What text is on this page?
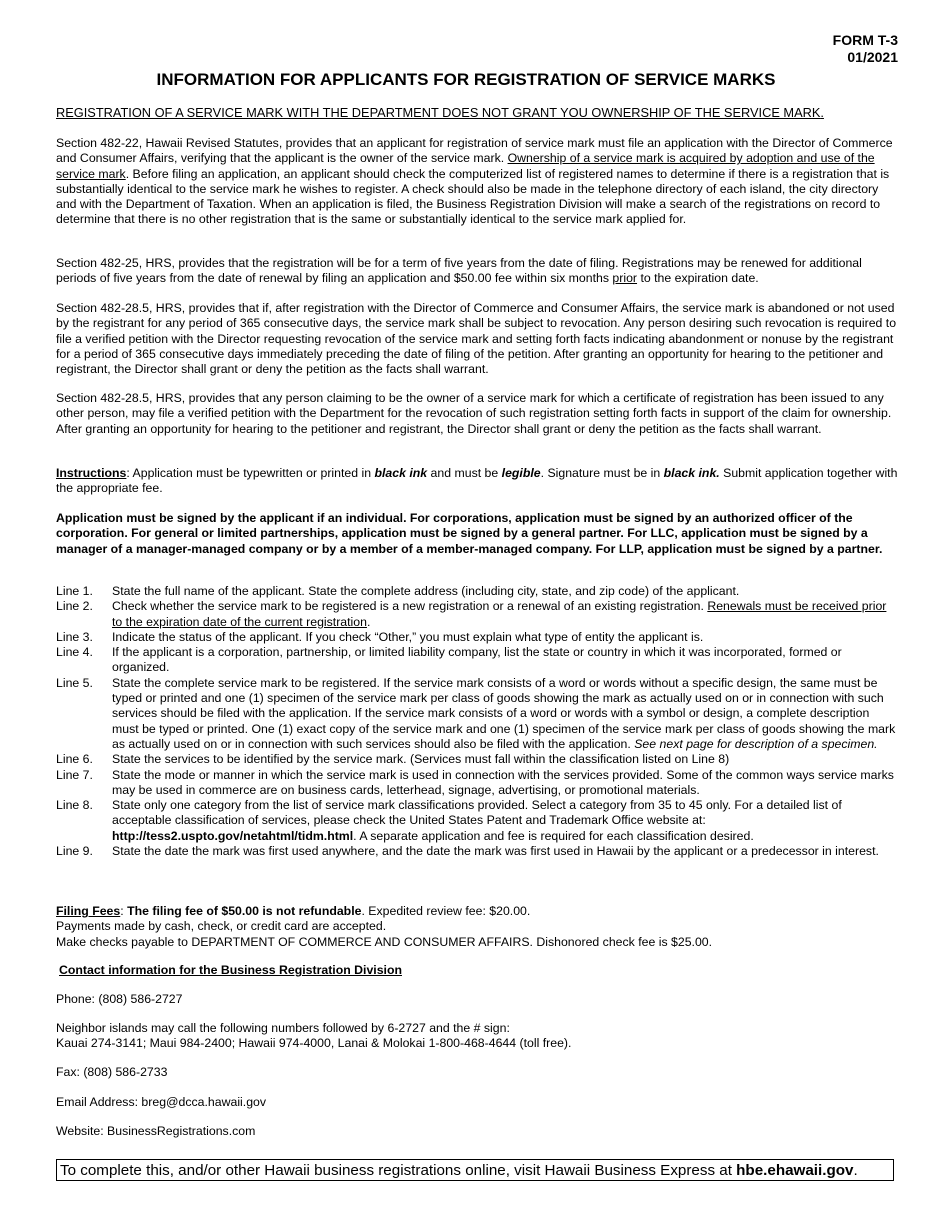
FORM T-3
01/2021
INFORMATION FOR APPLICANTS FOR REGISTRATION OF SERVICE MARKS
REGISTRATION OF A SERVICE MARK WITH THE DEPARTMENT DOES NOT GRANT YOU OWNERSHIP OF THE SERVICE MARK.

Section 482-22, Hawaii Revised Statutes, provides that an applicant for registration of service mark must file an application with the Director of Commerce and Consumer Affairs, verifying that the applicant is the owner of the service mark. Ownership of a service mark is acquired by adoption and use of the service mark. Before filing an application, an applicant should check the computerized list of registered names to determine if there is a registration that is substantially identical to the service mark he wishes to register. A check should also be made in the telephone directory of each island, the city directory and with the Department of Taxation. When an application is filed, the Business Registration Division will make a search of the registrations on record to determine that there is no other registration that is the same or substantially identical to the service mark applied for.

Section 482-25, HRS, provides that the registration will be for a term of five years from the date of filing. Registrations may be renewed for additional periods of five years from the date of renewal by filing an application and $50.00 fee within six months prior to the expiration date.

Section 482-28.5, HRS, provides that if, after registration with the Director of Commerce and Consumer Affairs, the service mark is abandoned or not used by the registrant for any period of 365 consecutive days, the service mark shall be subject to revocation. Any person desiring such revocation is required to file a verified petition with the Director requesting revocation of the service mark and setting forth facts indicating abandonment or nonuse by the registrant for a period of 365 consecutive days immediately preceding the date of filing of the petition. After granting an opportunity for hearing to the petitioner and registrant, the Director shall grant or deny the petition as the facts shall warrant.

Section 482-28.5, HRS, provides that any person claiming to be the owner of a service mark for which a certificate of registration has been issued to any other person, may file a verified petition with the Department for the revocation of such registration setting forth facts in support of the claim for ownership. After granting an opportunity for hearing to the petitioner and registrant, the Director shall grant or deny the petition as the facts shall warrant.

Instructions: Application must be typewritten or printed in black ink and must be legible. Signature must be in black ink. Submit application together with the appropriate fee.

Application must be signed by the applicant if an individual. For corporations, application must be signed by an authorized officer of the corporation. For general or limited partnerships, application must be signed by a general partner. For LLC, application must be signed by a manager of a manager-managed company or by a member of a member-managed company. For LLP, application must be signed by a partner.

Line 1.	State the full name of the applicant. State the complete address (including city, state, and zip code) of the applicant.
Line 2.	Check whether the service mark to be registered is a new registration or a renewal of an existing registration. Renewals must be received prior to the expiration date of the current registration.
Line 3.	Indicate the status of the applicant. If you check “Other,” you must explain what type of entity the applicant is.
Line 4.	If the applicant is a corporation, partnership, or limited liability company, list the state or country in which it was incorporated, formed or organized.
Line 5.	State the complete service mark to be registered. If the service mark consists of a word or words without a specific design, the same must be typed or printed and one (1) specimen of the service mark per class of goods showing the mark as actually used on or in connection with such services should be filed with the application. If the service mark consists of a word or words with a symbol or design, a complete description must be typed or printed. One (1) exact copy of the service mark and one (1) specimen of the service mark per class of goods showing the mark as actually used on or in connection with such services should also be filed with the application. See next page for description of a specimen.
Line 6.	State the services to be identified by the service mark. (Services must fall within the classification listed on Line 8)
Line 7.	State the mode or manner in which the service mark is used in connection with the services provided. Some of the common ways service marks may be used in commerce are on business cards, letterhead, signage, advertising, or promotional materials.
Line 8.	State only one category from the list of service mark classifications provided. Select a category from 35 to 45 only. For a detailed list of acceptable classification of services, please check the United States Patent and Trademark Office website at: http://tess2.uspto.gov/netahtml/tidm.html. A separate application and fee is required for each classification desired.
Line 9.	State the date the mark was first used anywhere, and the date the mark was first used in Hawaii by the applicant or a predecessor in interest.
Filing Fees: The filing fee of $50.00 is not refundable. Expedited review fee: $20.00.
Payments made by cash, check, or credit card are accepted.
Make checks payable to DEPARTMENT OF COMMERCE AND CONSUMER AFFAIRS. Dishonored check fee is $25.00.
Contact information for the Business Registration Division
Phone: (808) 586-2727
Neighbor islands may call the following numbers followed by 6-2727 and the # sign:
Kauai 274-3141; Maui 984-2400; Hawaii 974-4000, Lanai & Molokai 1-800-468-4644 (toll free).
Fax: (808) 586-2733
Email Address: breg@dcca.hawaii.gov
Website: BusinessRegistrations.com
To complete this, and/or other Hawaii business registrations online, visit Hawaii Business Express at hbe.ehawaii.gov.
